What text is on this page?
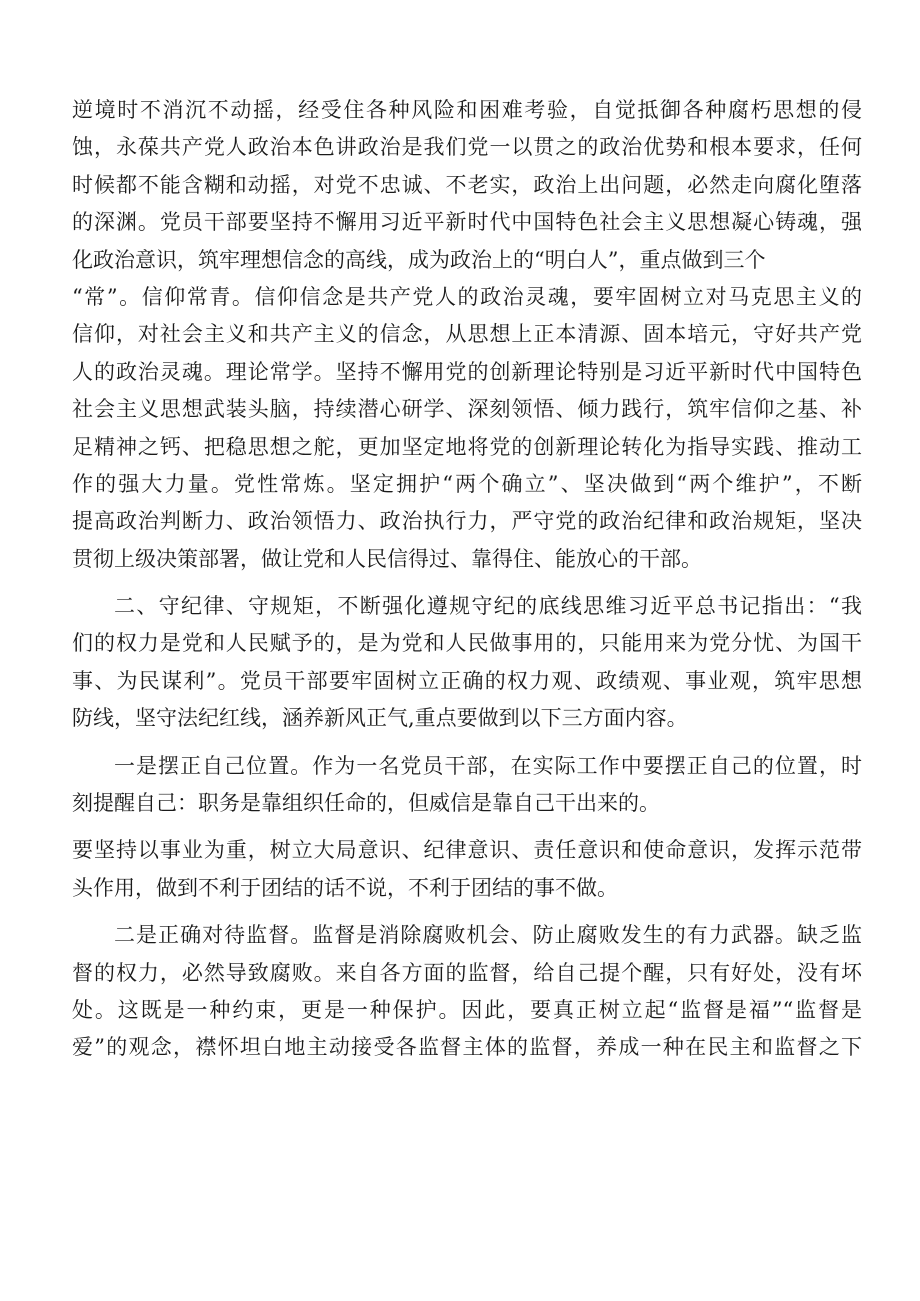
逆境时不消沉不动摇，经受住各种风险和困难考验，自觉抵御各种腐朽思想的侵
蚀，永葆共产党人政治本色讲政治是我们党一以贯之的政治优势和根本要求，任何
时候都不能含糊和动摇，对党不忠诚、不老实，政治上出问题，必然走向腐化堕落
的深渊。党员干部要坚持不懈用习近平新时代中国特色社会主义思想凝心铸魂，强
化政治意识，筑牢理想信念的高线，成为政治上的“明白人”，重点做到三个
“常”。信仰常青。信仰信念是共产党人的政治灵魂，要牢固树立对马克思主义的
信仰，对社会主义和共产主义的信念，从思想上正本清源、固本培元，守好共产党
人的政治灵魂。理论常学。坚持不懈用党的创新理论特别是习近平新时代中国特色
社会主义思想武装头脑，持续潜心研学、深刻领悟、倾力践行，筑牢信仰之基、补
足精神之钙、把稳思想之舵，更加坚定地将党的创新理论转化为指导实践、推动工
作的强大力量。党性常炼。坚定拥护“两个确立”、坚决做到“两个维护”，不断
提高政治判断力、政治领悟力、政治执行力，严守党的政治纪律和政治规矩，坚决
贯彻上级决策部署，做让党和人民信得过、靠得住、能放心的干部。

二、守纪律、守规矩，不断强化遵规守纪的底线思维习近平总书记指出：“我
们的权力是党和人民赋予的，是为党和人民做事用的，只能用来为党分忧、为国干
事、为民谋利”。党员干部要牢固树立正确的权力观、政绩观、事业观，筑牢思想
防线，坚守法纪红线，涵养新风正气,重点要做到以下三方面内容。

一是摆正自己位置。作为一名党员干部，在实际工作中要摆正自己的位置，时
刻提醒自己：职务是靠组织任命的，但威信是靠自己干出来的。

要坚持以事业为重，树立大局意识、纪律意识、责任意识和使命意识，发挥示范带
头作用，做到不利于团结的话不说，不利于团结的事不做。

二是正确对待监督。监督是消除腐败机会、防止腐败发生的有力武器。缺乏监
督的权力，必然导致腐败。来自各方面的监督，给自己提个醒，只有好处，没有坏
处。这既是一种约束，更是一种保护。因此，要真正树立起“监督是福”“监督是
爱”的观念，襟怀坦白地主动接受各监督主体的监督，养成一种在民主和监督之下
